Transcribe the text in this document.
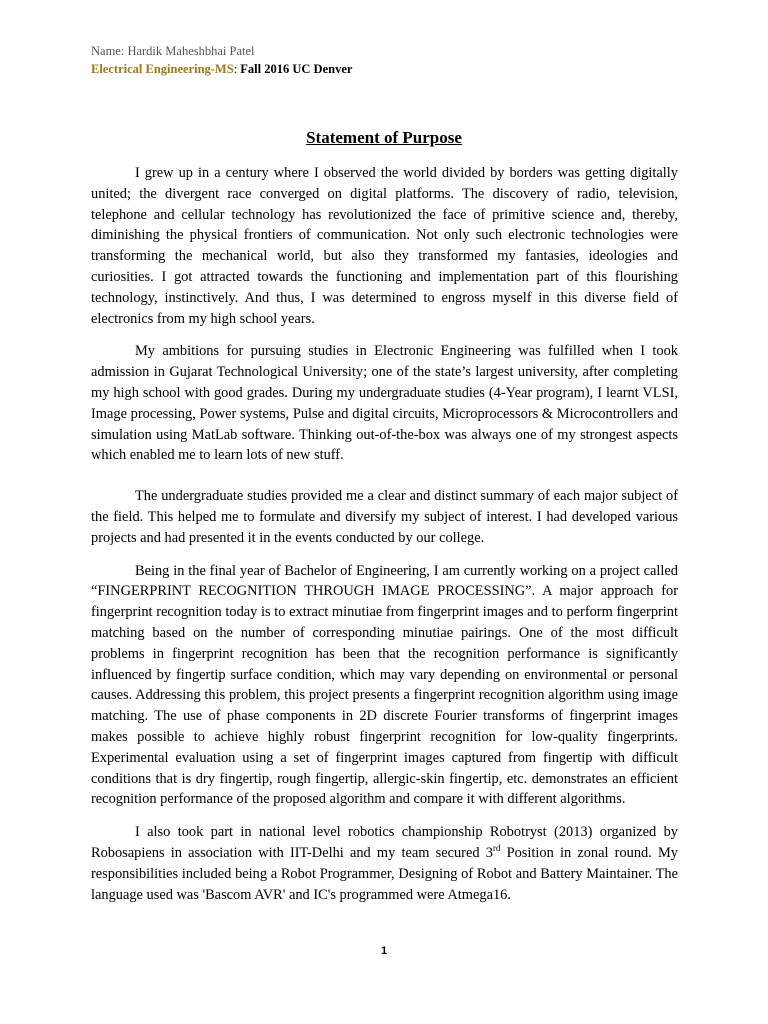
Name: Hardik Maheshbhai Patel
Electrical Engineering-MS: Fall 2016 UC Denver
Statement of Purpose

I grew up in a century where I observed the world divided by borders was getting digitally united; the divergent race converged on digital platforms. The discovery of radio, television, telephone and cellular technology has revolutionized the face of primitive science and, thereby, diminishing the physical frontiers of communication. Not only such electronic technologies were transforming the mechanical world, but also they transformed my fantasies, ideologies and curiosities. I got attracted towards the functioning and implementation part of this flourishing technology, instinctively. And thus, I was determined to engross myself in this diverse field of electronics from my high school years.

My ambitions for pursuing studies in Electronic Engineering was fulfilled when I took admission in Gujarat Technological University; one of the state’s largest university, after completing my high school with good grades. During my undergraduate studies (4-Year program), I learnt VLSI, Image processing, Power systems, Pulse and digital circuits, Microprocessors & Microcontrollers and simulation using MatLab software. Thinking out-of-the-box was always one of my strongest aspects which enabled me to learn lots of new stuff.

The undergraduate studies provided me a clear and distinct summary of each major subject of the field. This helped me to formulate and diversify my subject of interest. I had developed various projects and had presented it in the events conducted by our college.

Being in the final year of Bachelor of Engineering, I am currently working on a project called “FINGERPRINT RECOGNITION THROUGH IMAGE PROCESSING”. A major approach for fingerprint recognition today is to extract minutiae from fingerprint images and to perform fingerprint matching based on the number of corresponding minutiae pairings. One of the most difficult problems in fingerprint recognition has been that the recognition performance is significantly influenced by fingertip surface condition, which may vary depending on environmental or personal causes. Addressing this problem, this project presents a fingerprint recognition algorithm using image matching. The use of phase components in 2D discrete Fourier transforms of fingerprint images makes possible to achieve highly robust fingerprint recognition for low-quality fingerprints. Experimental evaluation using a set of fingerprint images captured from fingertip with difficult conditions that is dry fingertip, rough fingertip, allergic-skin fingertip, etc. demonstrates an efficient recognition performance of the proposed algorithm and compare it with different algorithms.

I also took part in national level robotics championship Robotryst (2013) organized by Robosapiens in association with IIT-Delhi and my team secured 3rd Position in zonal round. My responsibilities included being a Robot Programmer, Designing of Robot and Battery Maintainer. The language used was 'Bascom AVR' and IC's programmed were Atmega16.

1
